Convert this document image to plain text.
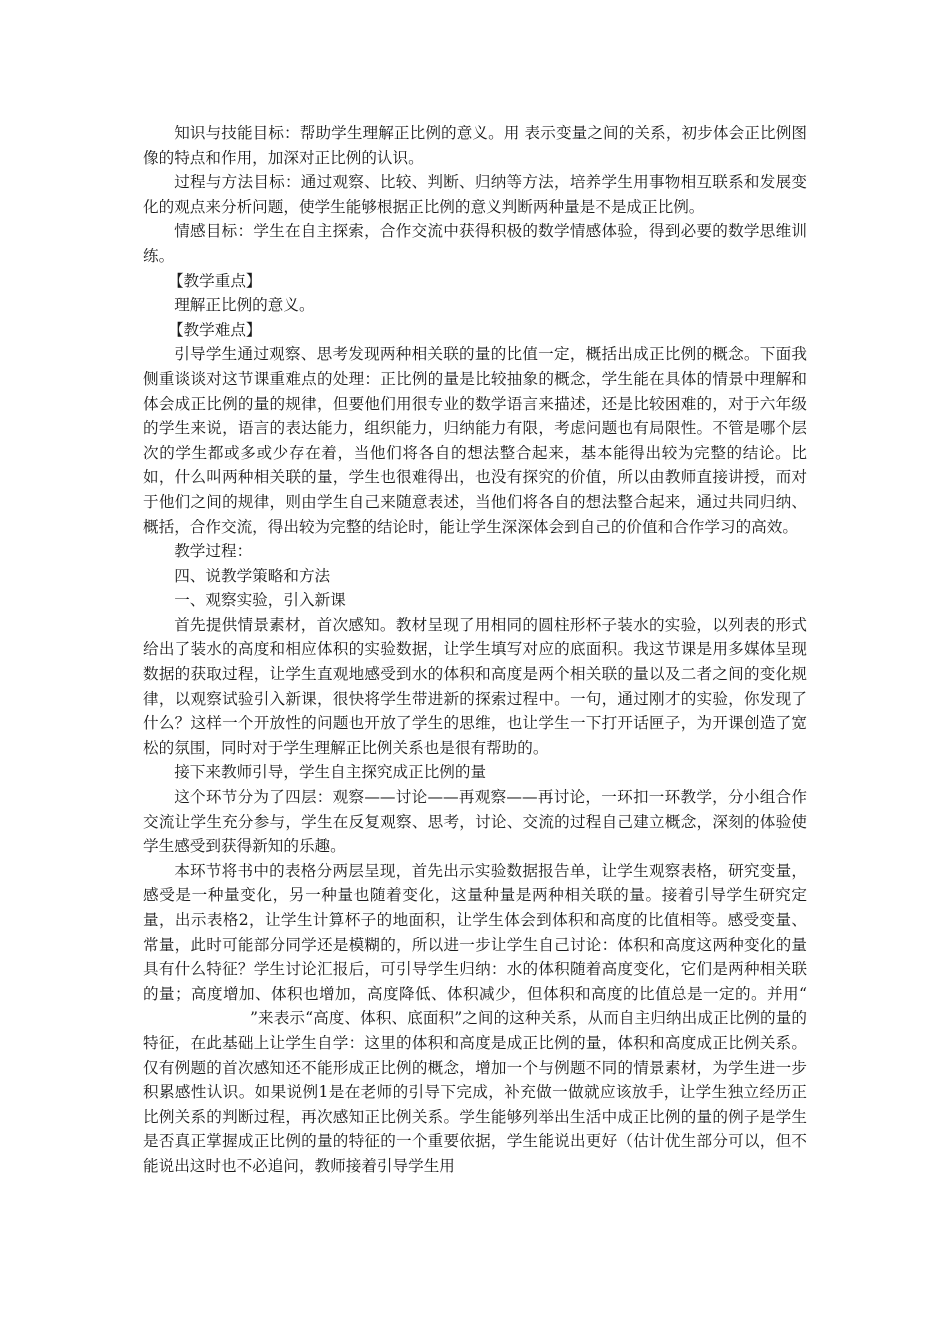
知识与技能目标：帮助学生理解正比例的意义。用 表示变量之间的关系，初步体会正比例图像的特点和作用，加深对正比例的认识。

过程与方法目标：通过观察、比较、判断、归纳等方法，培养学生用事物相互联系和发展变化的观点来分析问题，使学生能够根据正比例的意义判断两种量是不是成正比例。

情感目标：学生在自主探索，合作交流中获得积极的数学情感体验，得到必要的数学思维训练。

【教学重点】

理解正比例的意义。

【教学难点】

引导学生通过观察、思考发现两种相关联的量的比值一定，概括出成正比例的概念。下面我侧重谈谈对这节课重难点的处理：正比例的量是比较抽象的概念，学生能在具体的情景中理解和体会成正比例的量的规律，但要他们用很专业的数学语言来描述，还是比较困难的，对于六年级的学生来说，语言的表达能力，组织能力，归纳能力有限，考虑问题也有局限性。不管是哪个层次的学生都或多或少存在着，当他们将各自的想法整合起来，基本能得出较为完整的结论。比如，什么叫两种相关联的量，学生也很难得出，也没有探究的价值，所以由教师直接讲授，而对于他们之间的规律，则由学生自己来随意表述，当他们将各自的想法整合起来，通过共同归纳、概括，合作交流，得出较为完整的结论时，能让学生深深体会到自己的价值和合作学习的高效。

教学过程：

四、说教学策略和方法

一、观察实验，引入新课

首先提供情景素材，首次感知。教材呈现了用相同的圆柱形杯子装水的实验，以列表的形式给出了装水的高度和相应体积的实验数据，让学生填写对应的底面积。我这节课是用多媒体呈现数据的获取过程，让学生直观地感受到水的体积和高度是两个相关联的量以及二者之间的变化规律，以观察试验引入新课，很快将学生带进新的探索过程中。一句，通过刚才的实验，你发现了什么？这样一个开放性的问题也开放了学生的思维，也让学生一下打开话匣子，为开课创造了宽松的氛围，同时对于学生理解正比例关系也是很有帮助的。

接下来教师引导，学生自主探究成正比例的量

这个环节分为了四层：观察——讨论——再观察——再讨论，一环扣一环教学，分小组合作交流让学生充分参与，学生在反复观察、思考，讨论、交流的过程自己建立概念，深刻的体验使学生感受到获得新知的乐趣。

本环节将书中的表格分两层呈现，首先出示实验数据报告单，让学生观察表格，研究变量，感受是一种量变化，另一种量也随着变化，这量种量是两种相关联的量。接着引导学生研究定量，出示表格2，让学生计算杯子的地面积，让学生体会到体积和高度的比值相等。感受变量、常量，此时可能部分同学还是模糊的，所以进一步让学生自己讨论：体积和高度这两种变化的量具有什么特征？学生讨论汇报后，可引导学生归纳：水的体积随着高度变化，它们是两种相关联的量；高度增加、体积也增加，高度降低、体积减少，但体积和高度的比值总是一定的。并用“”来表示“高度、体积、底面积”之间的这种关系，从而自主归纳出成正比例的量的特征，在此基础上让学生自学：这里的体积和高度是成正比例的量，体积和高度成正比例关系。仅有例题的首次感知还不能形成正比例的概念，增加一个与例题不同的情景素材，为学生进一步积累感性认识。如果说例1是在老师的引导下完成，补充做一做就应该放手，让学生独立经历正比例关系的判断过程，再次感知正比例关系。学生能够列举出生活中成正比例的量的例子是学生是否真正掌握成正比例的量的特征的一个重要依据，学生能说出更好（估计优生部分可以，但不能说出这时也不必追问，教师接着引导学生用
